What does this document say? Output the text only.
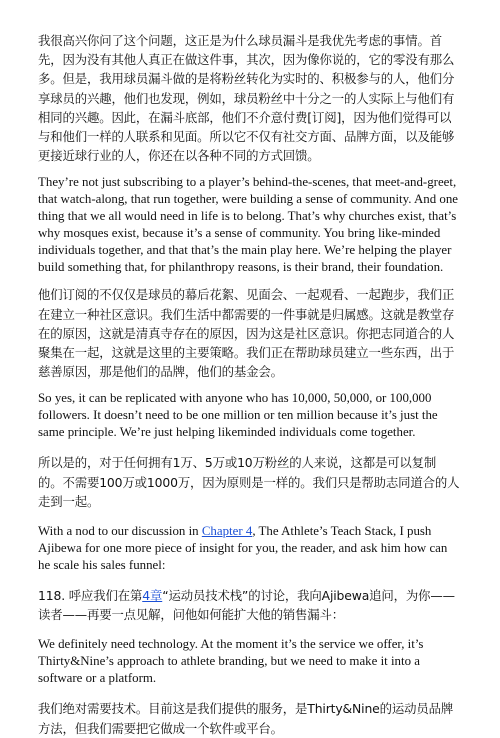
我很高兴你问了这个问题，这正是为什么球员漏斗是我优先考虑的事情。首先，因为没有其他人真正在做这件事，其次，因为像你说的，它的零没有那么多。但是，我用球员漏斗做的是将粉丝转化为实时的、积极参与的人，他们分享球员的兴趣，他们也发现，例如，球员粉丝中十分之一的人实际上与他们有相同的兴趣。因此，在漏斗底部，他们不介意付费[订阅]，因为他们觉得可以与和他们一样的人联系和见面。所以它不仅有社交方面、品牌方面，以及能够更接近球行业的人，你还在以各种不同的方式回馈。

They’re not just subscribing to a player’s behind-the-scenes, that meet-and-greet, that watch-along, that run together, were building a sense of community. And one thing that we all would need in life is to belong. That’s why churches exist, that’s why mosques exist, because it’s a sense of community. You bring like-minded individuals together, and that that’s the main play here. We’re helping the player build something that, for philanthropy reasons, is their brand, their foundation.

他们订阅的不仅仅是球员的幕后花絮、见面会、一起观看、一起跑步，我们正在建立一种社区意识。我们生活中都需要的一件事就是归属感。这就是教堂存在的原因，这就是清真寺存在的原因，因为这是社区意识。你把志同道合的人聚集在一起，这就是这里的主要策略。我们正在帮助球员建立一些东西，出于慈善原因，那是他们的品牌，他们的基金会。

So yes, it can be replicated with anyone who has 10,000, 50,000, or 100,000 followers. It doesn’t need to be one million or ten million because it’s just the same principle. We’re just helping likeminded individuals come together.

所以是的，对于任何拥有1万、5万或10万粉丝的人来说，这都是可以复制的。不需要100万或1000万，因为原则是一样的。我们只是帮助志同道合的人走到一起。

With a nod to our discussion in Chapter 4, The Athlete’s Teach Stack, I push Ajibewa for one more piece of insight for you, the reader, and ask him how can he scale his sales funnel:

118. 呼应我们在第4章“运动员技术栈”的讨论，我向Ajibewa追问，为你——读者——再要一点见解，问他如何能扩大他的销售漏斗：

We definitely need technology. At the moment it’s the service we offer, it’s Thirty&Nine’s approach to athlete branding, but we need to make it into a software or a platform.

我们绝对需要技术。目前这是我们提供的服务，是Thirty&Nine的运动员品牌方法，但我们需要把它做成一个软件或平台。
